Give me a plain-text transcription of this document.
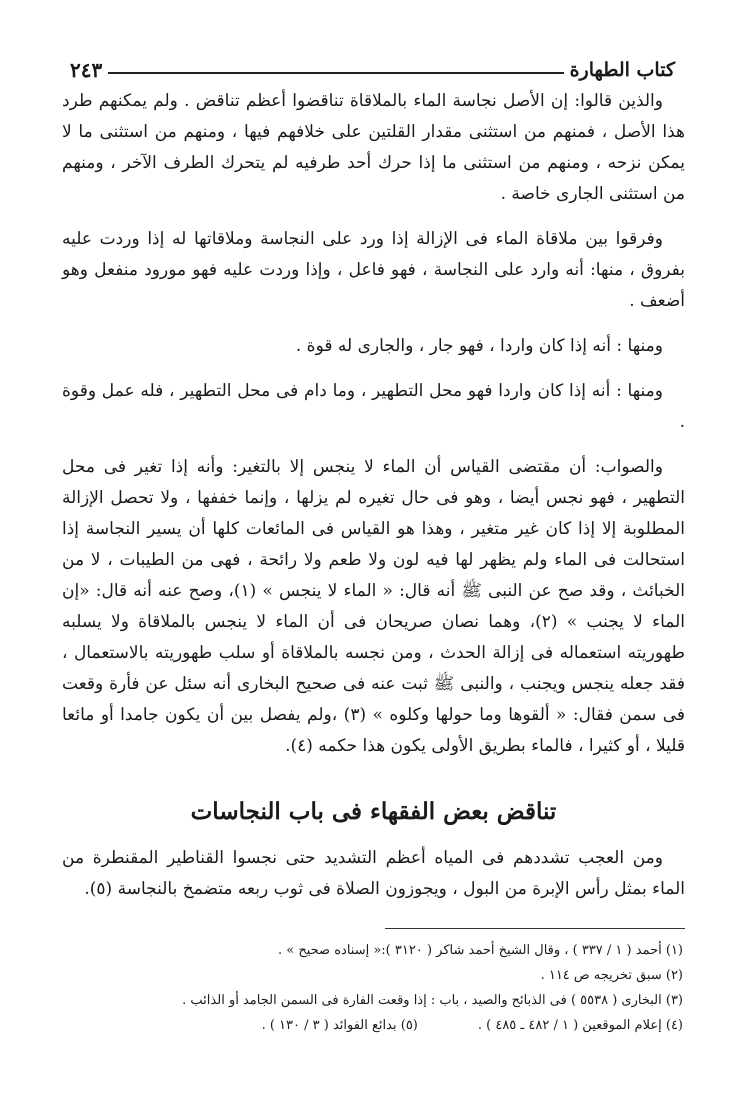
كتاب الطهارة
٢٤٣

والذين قالوا: إن الأصل نجاسة الماء بالملاقاة تناقضوا أعظم تناقض . ولم يمكنهم طرد هذا الأصل ، فمنهم من استثنى مقدار القلتين على خلافهم فيها ، ومنهم من استثنى ما لا يمكن نزحه ، ومنهم من استثنى ما إذا حرك أحد طرفيه لم يتحرك الطرف الآخر ، ومنهم من استثنى الجارى خاصة .

وفرقوا بين ملاقاة الماء فى الإزالة إذا ورد على النجاسة وملاقاتها له إذا وردت عليه بفروق ، منها: أنه وارد على النجاسة ، فهو فاعل ، وإذا وردت عليه فهو مورود منفعل وهو أضعف .

ومنها : أنه إذا كان واردا ، فهو جار ، والجارى له قوة .

ومنها : أنه إذا كان واردا فهو محل التطهير ، وما دام فى محل التطهير ، فله عمل وقوة .

والصواب: أن مقتضى القياس أن الماء لا ينجس إلا بالتغير: وأنه إذا تغير فى محل التطهير ، فهو نجس أيضا ، وهو فى حال تغيره لم يزلها ، وإنما خففها ، ولا تحصل الإزالة المطلوبة إلا إذا كان غير متغير ، وهذا هو القياس فى المائعات كلها أن يسير النجاسة إذا استحالت فى الماء ولم يظهر لها فيه لون ولا طعم ولا رائحة ، فهى من الطيبات ، لا من الخبائث ، وقد صح عن النبى ﷺ أنه قال: « الماء لا ينجس » (١)، وصح عنه أنه قال: «إن الماء لا يجنب » (٢)، وهما نصان صريحان فى أن الماء لا ينجس بالملاقاة ولا يسلبه طهوريته استعماله فى إزالة الحدث ، ومن نجسه بالملاقاة أو سلب طهوريته بالاستعمال ، فقد جعله ينجس ويجنب ، والنبى ﷺ ثبت عنه فى صحيح البخارى أنه سئل عن فأرة وقعت فى سمن فقال: « ألقوها وما حولها وكلوه » (٣) ،ولم يفصل بين أن يكون جامدا أو مائعا قليلا ، أو كثيرا ، فالماء بطريق الأولى يكون هذا حكمه (٤).

تناقض بعض الفقهاء فى باب النجاسات

ومن العجب تشددهم فى المياه أعظم التشديد حتى نجسوا القناطير المقنطرة من الماء بمثل رأس الإبرة من البول ، ويجوزون الصلاة فى ثوب ربعه متضمخ بالنجاسة (٥).

(١) أحمد ( ١ / ٣٣٧ ) ، وقال الشيخ أحمد شاكر ( ٣١٢٠ ):« إسناده صحيح » .

(٢) سبق تخريجه ص ١١٤ .

(٣) البخارى ( ٥٥٣٨ ) فى الذبائح والصيد ، باب : إذا وقعت الفارة فى السمن الجامد أو الذائب .

(٤) إعلام الموقعين ( ١ / ٤٨٢ ـ ٤٨٥ ) .

(٥) بدائع الفوائد ( ٣ / ١٣٠ ) .
